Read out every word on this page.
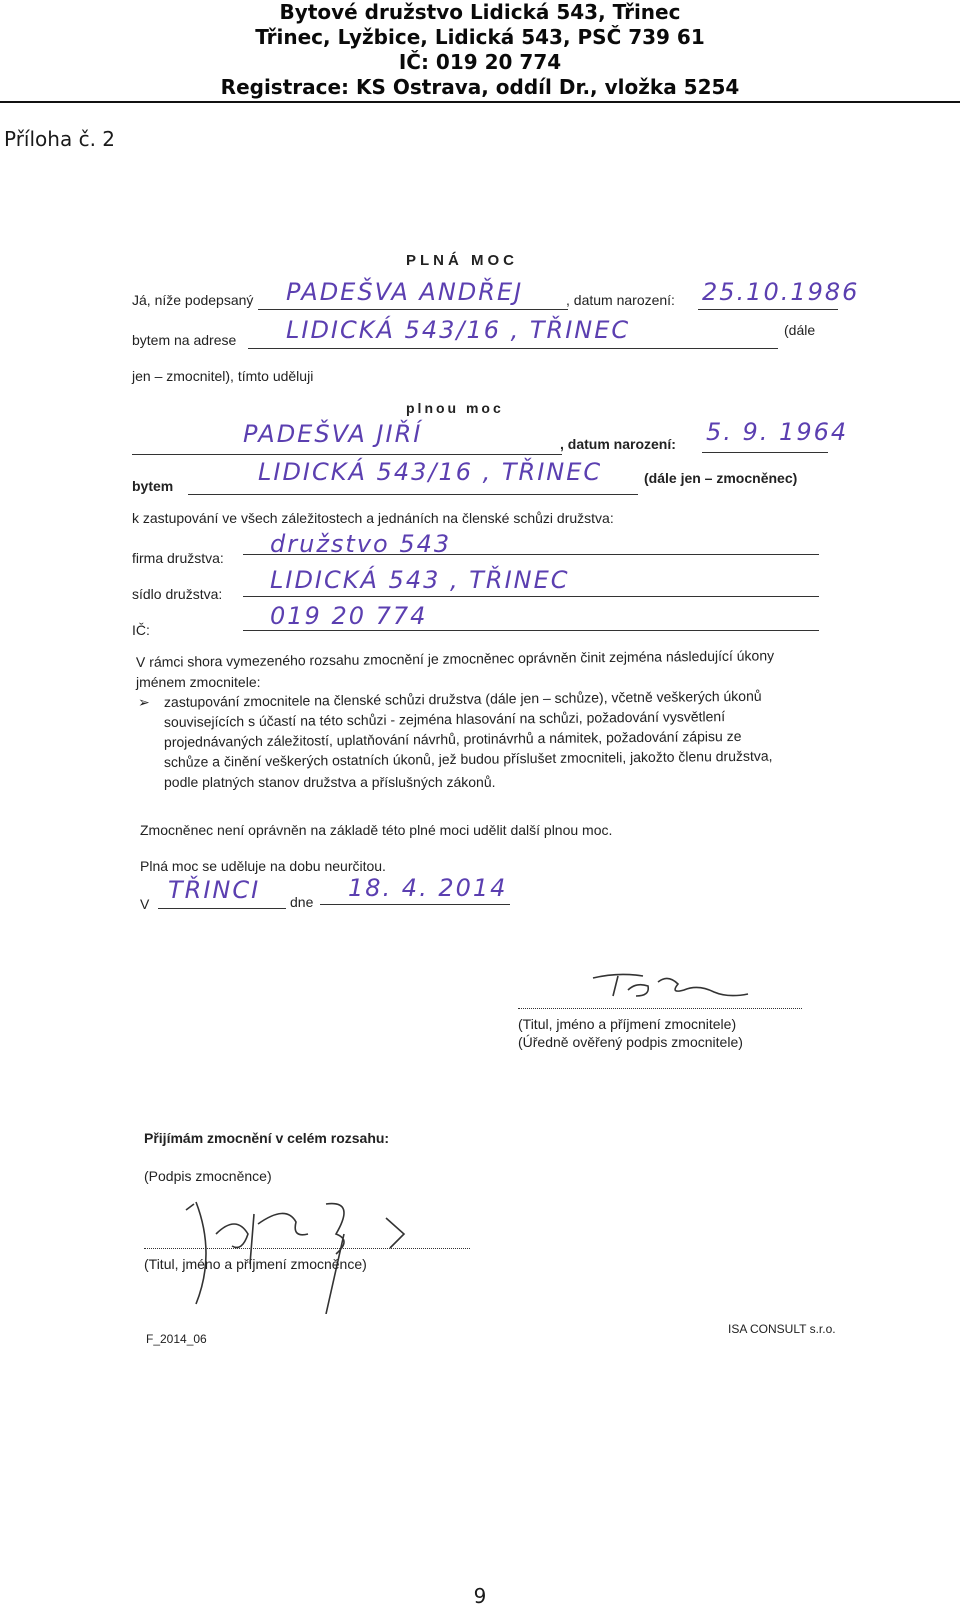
Bytové družstvo Lidická 543, Třinec
Třinec, Lyžbice, Lidická 543, PSČ 739 61
IČ: 019 20 774
Registrace: KS Ostrava, oddíl Dr., vložka 5254
Příloha č. 2
PLNÁ MOC
Já, níže podepsaný PADEŠVA ANDŘEJ	, datum narození: 25.10.1986
bytem na adrese LIDICKÁ 543/16 , TŘINEC	(dále
jen – zmocnitel), tímto uděluji
plnou moc
PADEŠVA JIŘÍ	, datum narození: 5. 9. 1964
bytem	LIDICKÁ 543/16 , TŘINEC	(dále jen – zmocněnec)
k zastupování ve všech záležitostech a jednáních na členské schůzi družstva:
firma družstva: družstvo 543
sídlo družstva: LIDICKÁ 543 , TŘINEC
IČ:	019 20 774
V rámci shora vymezeného rozsahu zmocnění je zmocněnec oprávněn činit zejména následující úkony
jménem zmocnitele:
➢ zastupování zmocnitele na členské schůzi družstva (dále jen – schůze), včetně veškerých úkonů
souvisejících s účastí na této schůzi - zejména hlasování na schůzi, požadování vysvětlení
projednávaných záležitostí, uplatňování návrhů, protinávrhů a námitek, požadování zápisu ze
schůze a činění veškerých ostatních úkonů, jež budou příslušet zmocniteli, jakožto členu družstva,
podle platných stanov družstva a příslušných zákonů.
Zmocněnec není oprávněn na základě této plné moci udělit další plnou moc.
Plná moc se uděluje na dobu neurčitou.
V TŘINCI dne 18. 4. 2014
(Titul, jméno a příjmení zmocnitele)
(Úředně ověřený podpis zmocnitele)
Přijímám zmocnění v celém rozsahu:
(Podpis zmocněnce)
(Titul, jméno a příjmení zmocněnce)
F_2014_06
ISA CONSULT s.r.o.
9
